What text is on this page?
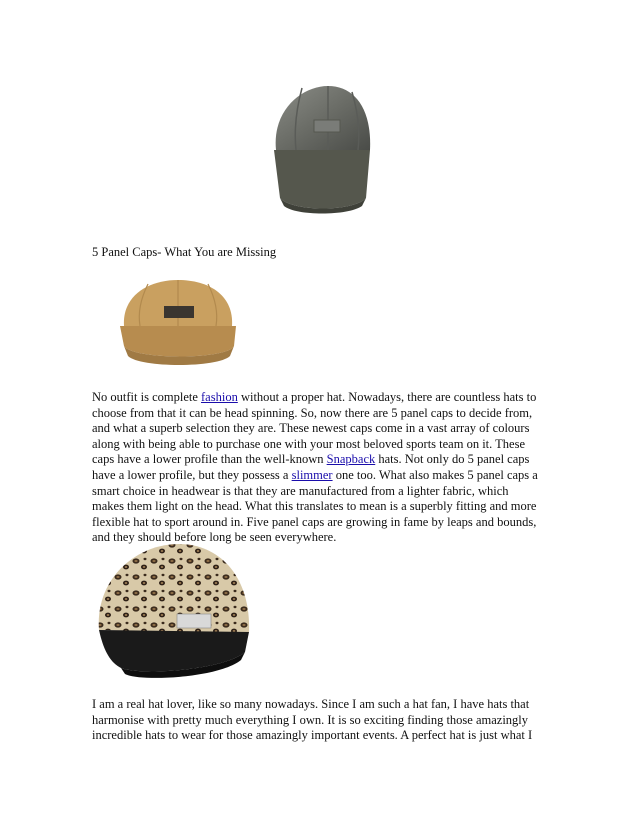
5 Panel Caps- What You are Missing
No outfit is complete fashion without a proper hat. Nowadays, there are countless hats to
choose from that it can be head spinning. So, now there are 5 panel caps to decide from,
and what a superb selection they are. These newest caps come in a vast array of colours
along with being able to purchase one with your most beloved sports team on it. These
caps have a lower profile than the well-known Snapback hats. Not only do 5 panel caps
have a lower profile, but they possess a slimmer one too. What also makes 5 panel caps a
smart choice in headwear is that they are manufactured from a lighter fabric, which
makes them light on the head. What this translates to mean is a superbly fitting and more
flexible hat to sport around in. Five panel caps are growing in fame by leaps and bounds,
and they should before long be seen everywhere.
I am a real hat lover, like so many nowadays. Since I am such a hat fan, I have hats that
harmonise with pretty much everything I own. It is so exciting finding those amazingly
incredible hats to wear for those amazingly important events. A perfect hat is just what I
